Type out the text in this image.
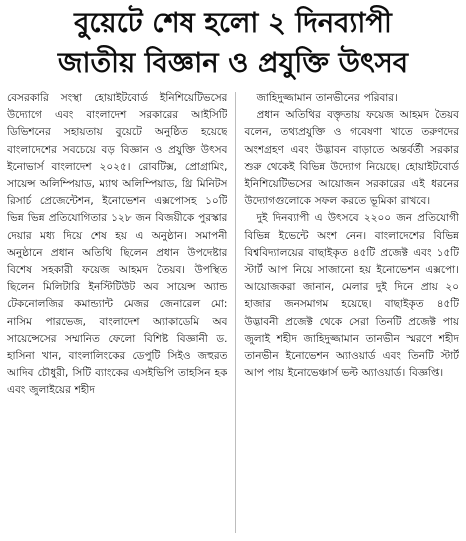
বুয়েটে শেষ হলো ২ দিনব্যাপী
জাতীয় বিজ্ঞান ও প্রযুক্তি উৎসব

বেসরকারি সংস্থা হোয়াইটবোর্ড ইনিশিয়েটিভসের উদ্যোগে এবং বাংলাদেশ সরকারের আইসিটি ডিভিশনের সহায়তায় বুয়েটে অনুষ্ঠিত হয়েছে বাংলাদেশের সবচেয়ে বড় বিজ্ঞান ও প্রযুক্তি উৎসব ইনোভার্স বাংলাদেশ ২০২৫। রোবটিক্স, প্রোগ্রামিং, সায়েন্স অলিম্পিয়াড, ম্যাথ অলিম্পিয়াড, থ্রি মিনিটস রিসার্চ প্রেজেন্টেশন, ইনোভেশন এক্সপোসহ ১০টি ভিন্ন ভিন্ন প্রতিযোগিতার ১২৮ জন বিজয়ীকে পুরস্কার দেয়ার মধ্য দিয়ে শেষ হয় এ অনুষ্ঠান। সমাপনী অনুষ্ঠানে প্রধান অতিথি ছিলেন প্রধান উপদেষ্টার বিশেষ সহকারী ফয়েজ আহমদ তৈয়ব। উপস্থিত ছিলেন মিলিটারি ইনস্টিটিউট অব সায়েন্স অ্যান্ড টেকনোলজির কমান্ড্যান্ট মেজর জেনারেল মো: নাসিম পারভেজ, বাংলাদেশ অ্যাকাডেমি অব সায়েন্সেসের সম্মানিত ফেলো বিশিষ্ট বিজ্ঞানী ড. হাসিনা খান, বাংলালিংকের ডেপুটি সিইও জহুরত আদিব চৌধুরী, সিটি ব্যাংকের এসইভিপি তাহসিন হক এবং জুলাইয়ের শহীদ

জাহিদুজ্জামান তানভীনের পরিবার।

প্রধান অতিথির বক্তৃতায় ফয়েজ আহমদ তৈয়ব বলেন, তথ্যপ্রযুক্তি ও গবেষণা খাতে তরুণদের অংশগ্রহণ এবং উদ্ভাবন বাড়াতে অন্তর্বর্তী সরকার শুরু থেকেই বিভিন্ন উদ্যোগ নিয়েছে। হোয়াইটবোর্ড ইনিশিয়েটিভসের আয়োজন সরকারের এই ধরনের উদ্যোগগুলোকে সফল করতে ভূমিকা রাখবে।

দুই দিনব্যাপী এ উৎসবে ২২০০ জন প্রতিযোগী বিভিন্ন ইভেন্টে অংশ নেন। বাংলাদেশের বিভিন্ন বিশ্ববিদ্যালয়ের বাছাইকৃত ৪৫টি প্রজেক্ট এবং ১৫টি স্টার্ট আপ নিয়ে সাজানো হয় ইনোভেশন এক্সপো। আয়োজকরা জানান, মেলার দুই দিনে প্রায় ২০ হাজার জনসমাগম হয়েছে। বাছাইকৃত ৪৫টি উদ্ভাবনী প্রজেক্ট থেকে সেরা তিনটি প্রজেক্ট পায় জুলাই শহীদ জাহিদুজ্জামান তানভীন স্মরণে শহীদ তানভীন ইনোভেশন অ্যাওয়ার্ড এবং তিনটি স্টার্ট আপ পায় ইনোভেঞ্চার্স ভল্ট অ্যাওয়ার্ড। বিজ্ঞপ্তি।
